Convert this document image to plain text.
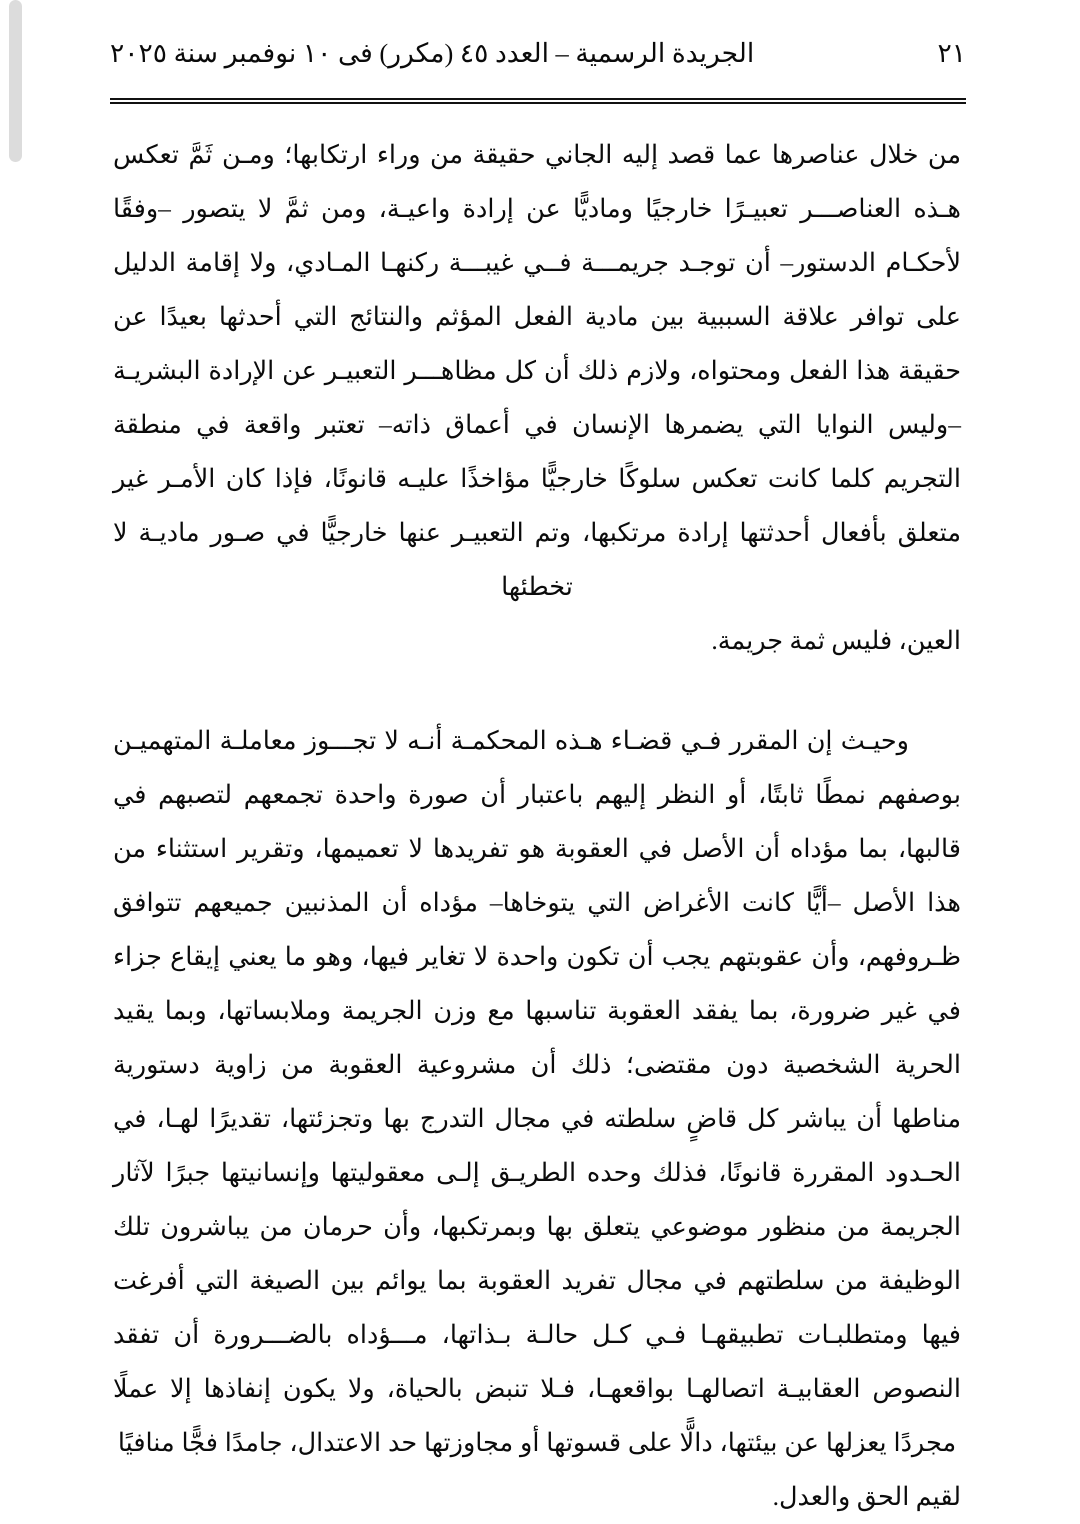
الجريدة الرسمية – العدد ٤٥ (مكرر) فى ١٠ نوفمبر سنة ٢٠٢٥	٢١

من خلال عناصرها عما قصد إليه الجاني حقيقة من وراء ارتكابها؛ ومـن ثَمَّ تعكس هـذه العناصـــر تعبيـرًا خارجيًا وماديًّا عن إرادة واعيـة، ومن ثمَّ لا يتصور –وفقًا لأحكـام الدستور– أن توجـد جريمـــة فــي غيبـــة ركنهـا المـادي، ولا إقامة الدليل على توافر علاقة السببية بين مادية الفعل المؤثم والنتائج التي أحدثها بعيدًا عن حقيقة هذا الفعل ومحتواه، ولازم ذلك أن كل مظاهـــر التعبيـر عن الإرادة البشريـة –وليس النوايا التي يضمرها الإنسان في أعماق ذاته– تعتبر واقعة في منطقة التجريم كلما كانت تعكس سلوكًا خارجيًّا مؤاخذًا عليـه قانونًا، فإذا كان الأمـر غير متعلق بأفعال أحدثتها إرادة مرتكبها، وتم التعبيـر عنها خارجيًّا في صـور ماديـة لا تخطئها

العين، فليس ثمة جريمة.

وحيـث إن المقرر فـي قضـاء هـذه المحكمـة أنـه لا تجـــوز معاملـة المتهميـن بوصفهم نمطًا ثابتًا، أو النظر إليهم باعتبار أن صورة واحدة تجمعهم لتصبهم في قالبها، بما مؤداه أن الأصل في العقوبة هو تفريدها لا تعميمها، وتقرير استثناء من هذا الأصل –أيًّا كانت الأغراض التي يتوخاها– مؤداه أن المذنبين جميعهم تتوافق ظـروفهم، وأن عقوبتهم يجب أن تكون واحدة لا تغاير فيها، وهو ما يعني إيقاع جزاء في غير ضرورة، بما يفقد العقوبة تناسبها مع وزن الجريمة وملابساتها، وبما يقيد الحرية الشخصية دون مقتضى؛ ذلك أن مشروعية العقوبة من زاوية دستورية مناطها أن يباشر كل قاضٍ سلطته في مجال التدرج بها وتجزئتها، تقديرًا لهـا، في الحـدود المقررة قانونًا، فذلك وحده الطريـق إلـى معقوليتها وإنسانيتها جبرًا لآثار الجريمة من منظور موضوعي يتعلق بها وبمرتكبها، وأن حرمان من يباشرون تلك الوظيفة من سلطتهم في مجال تفريد العقوبة بما يوائم بين الصيغة التي أفرغت فيها ومتطلبـات تطبيقهـا فـي كـل حالـة بـذاتها، مـــؤداه بالضـــرورة أن تفقد النصوص العقابيـة اتصالهـا بواقعهـا، فـلا تنبض بالحياة، ولا يكون إنفاذها إلا عملًا مجردًا يعزلها عن بيئتها، دالًّا على قسوتها أو مجاوزتها حد الاعتدال، جامدًا فجًّا منافيًا

لقيم الحق والعدل.
